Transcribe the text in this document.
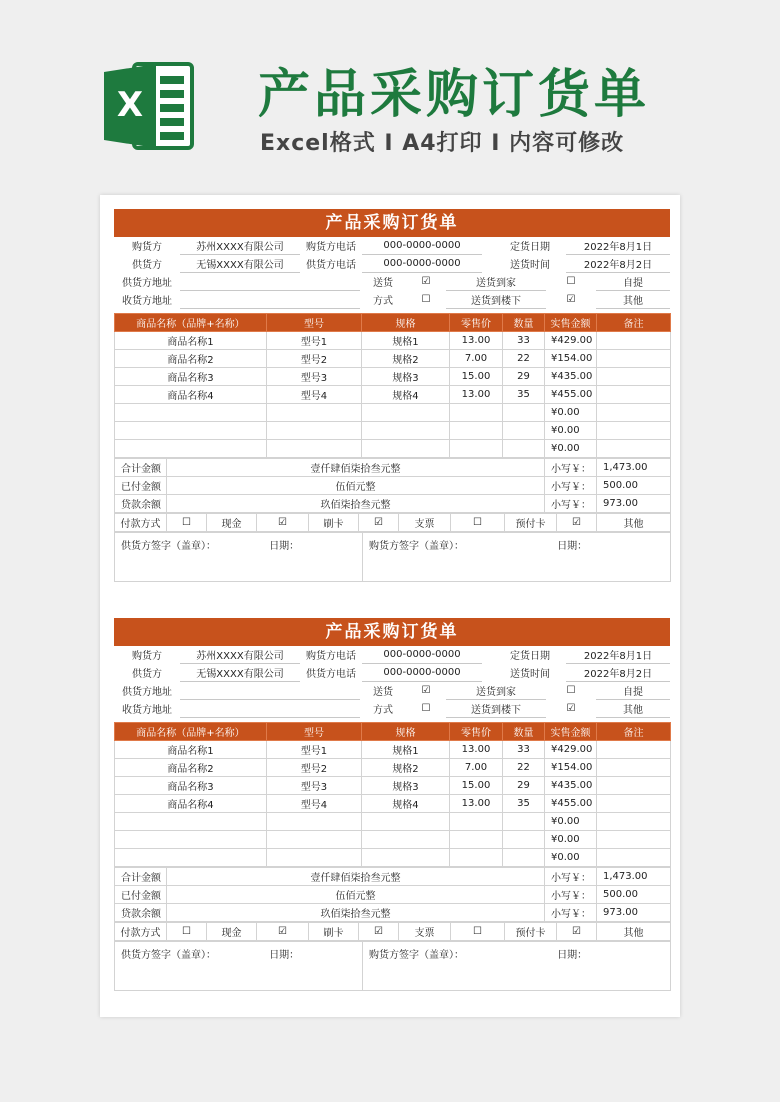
X 产品采购订货单
Excel格式 I A4打印 I 内容可修改
产品采购订货单
购货方	苏州XXXX有限公司	购货方电话	000-0000-0000		定货日期	2022年8月1日
供货方	无锡XXXX有限公司	供货方电话	000-0000-0000		送货时间	2022年8月2日
供货方地址		送货	☑	送货到家	☐	自提
收货方地址		方式	☐	送货到楼下	☑	其他
商品名称（品牌+名称）	型号	规格	零售价	数量	实售金额	备注
商品名称1	型号1	规格1	13.00	33	¥429.00	
商品名称2	型号2	规格2	7.00	22	¥154.00	
商品名称3	型号3	规格3	15.00	29	¥435.00	
商品名称4	型号4	规格4	13.00	35	¥455.00	
					¥0.00	
					¥0.00	
					¥0.00	
合计金额	壹仟肆佰柒拾叁元整	小写￥：	1,473.00
已付金额	伍佰元整	小写￥：	500.00
贷款余额	玖佰柒拾叁元整	小写￥：	973.00
付款方式	☐	现金	☑	刷卡	☑	支票	☐	预付卡	☑	其他
供货方签字（盖章）：	日期：	购货方签字（盖章）：	日期：
产品采购订货单
购货方	苏州XXXX有限公司	购货方电话	000-0000-0000		定货日期	2022年8月1日
供货方	无锡XXXX有限公司	供货方电话	000-0000-0000		送货时间	2022年8月2日
供货方地址		送货	☑	送货到家	☐	自提
收货方地址		方式	☐	送货到楼下	☑	其他
商品名称（品牌+名称）	型号	规格	零售价	数量	实售金额	备注
商品名称1	型号1	规格1	13.00	33	¥429.00	
商品名称2	型号2	规格2	7.00	22	¥154.00	
商品名称3	型号3	规格3	15.00	29	¥435.00	
商品名称4	型号4	规格4	13.00	35	¥455.00	
					¥0.00	
					¥0.00	
					¥0.00	
合计金额	壹仟肆佰柒拾叁元整	小写￥：	1,473.00
已付金额	伍佰元整	小写￥：	500.00
贷款余额	玖佰柒拾叁元整	小写￥：	973.00
付款方式	☐	现金	☑	刷卡	☑	支票	☐	预付卡	☑	其他
供货方签字（盖章）：	日期：	购货方签字（盖章）：	日期：
